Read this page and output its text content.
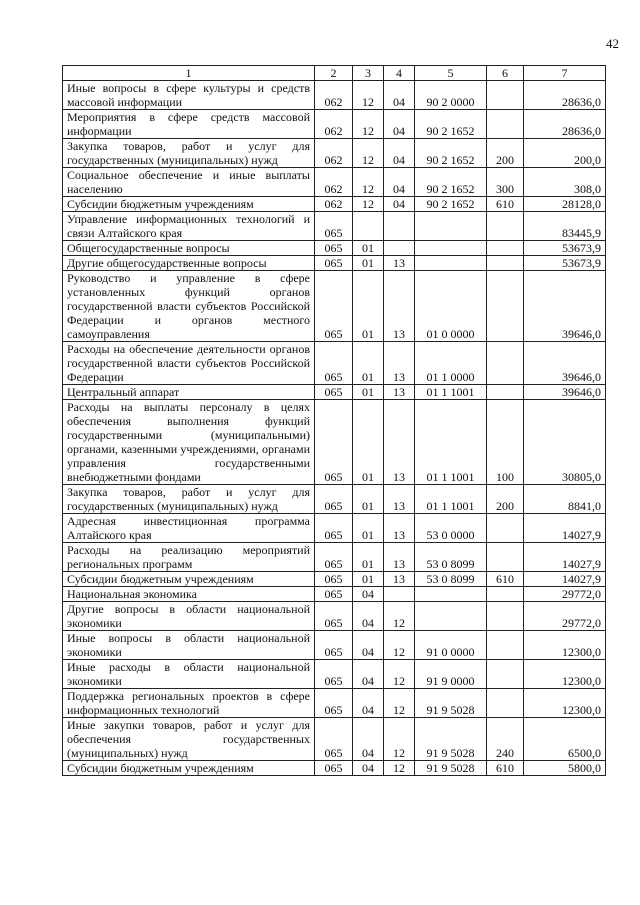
42
1	2	3	4	5	6	7
Иные вопросы в сфере культуры и средств массовой информации	062	12	04	90 2 0000		28636,0
Мероприятия в сфере средств массовой информации	062	12	04	90 2 1652		28636,0
Закупка товаров, работ и услуг для государственных (муниципальных) нужд	062	12	04	90 2 1652	200	200,0
Социальное обеспечение и иные выплаты населению	062	12	04	90 2 1652	300	308,0
Субсидии бюджетным учреждениям	062	12	04	90 2 1652	610	28128,0
Управление информационных технологий и связи Алтайского края	065					83445,9
Общегосударственные вопросы	065	01				53673,9
Другие общегосударственные вопросы	065	01	13			53673,9
Руководство и управление в сфере установленных функций органов государственной власти субъектов Российской Федерации и органов местного самоуправления	065	01	13	01 0 0000		39646,0
Расходы на обеспечение деятельности органов государственной власти субъектов Российской Федерации	065	01	13	01 1 0000		39646,0
Центральный аппарат	065	01	13	01 1 1001		39646,0
Расходы на выплаты персоналу в целях обеспечения выполнения функций государственными (муниципальными) органами, казенными учреждениями, органами управления государственными внебюджетными фондами	065	01	13	01 1 1001	100	30805,0
Закупка товаров, работ и услуг для государственных (муниципальных) нужд	065	01	13	01 1 1001	200	8841,0
Адресная инвестиционная программа Алтайского края	065	01	13	53 0 0000		14027,9
Расходы на реализацию мероприятий региональных программ	065	01	13	53 0 8099		14027,9
Субсидии бюджетным учреждениям	065	01	13	53 0 8099	610	14027,9
Национальная экономика	065	04				29772,0
Другие вопросы в области национальной экономики	065	04	12			29772,0
Иные вопросы в области национальной экономики	065	04	12	91 0 0000		12300,0
Иные расходы в области национальной экономики	065	04	12	91 9 0000		12300,0
Поддержка региональных проектов в сфере информационных технологий	065	04	12	91 9 5028		12300,0
Иные закупки товаров, работ и услуг для обеспечения государственных (муниципальных) нужд	065	04	12	91 9 5028	240	6500,0
Субсидии бюджетным учреждениям	065	04	12	91 9 5028	610	5800,0
